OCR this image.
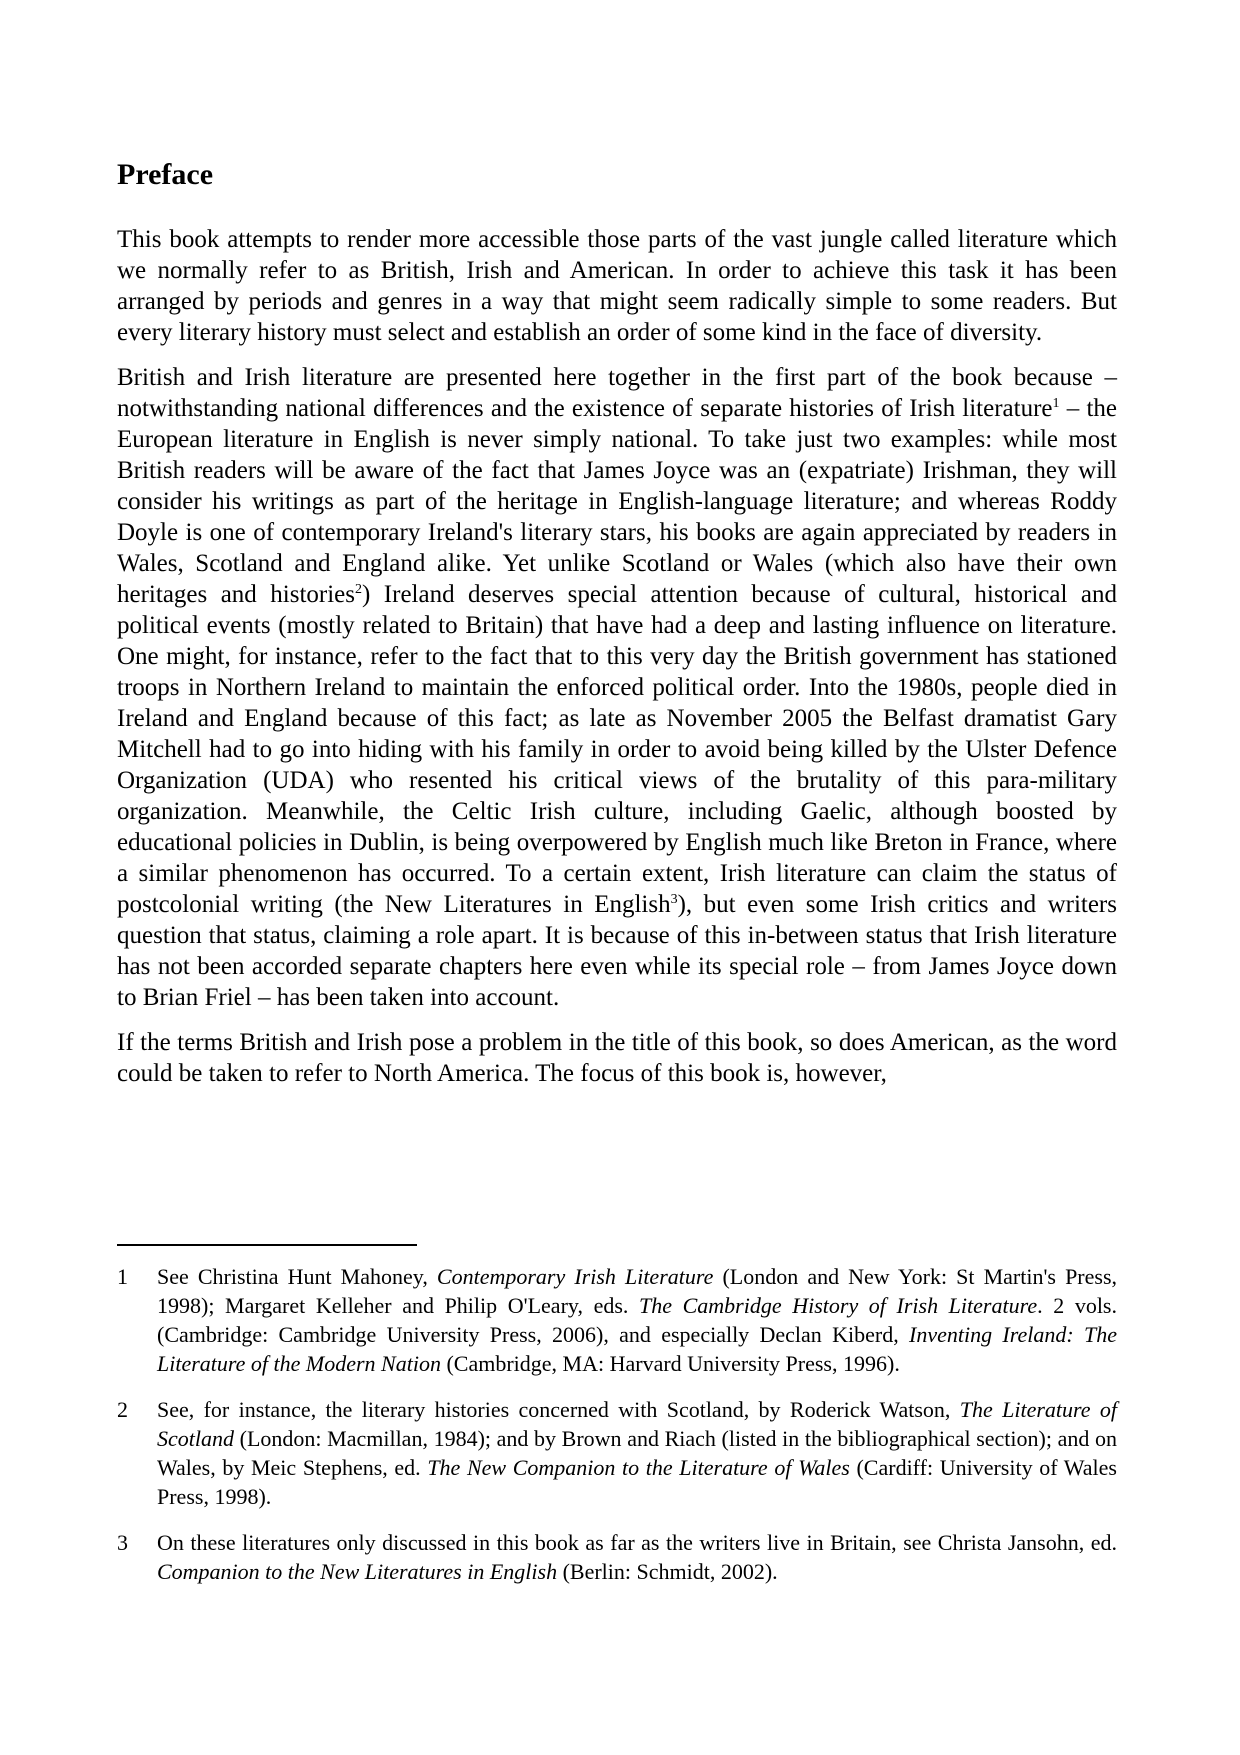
Preface

This book attempts to render more accessible those parts of the vast jungle called literature which we normally refer to as British, Irish and American. In order to achieve this task it has been arranged by periods and genres in a way that might seem radically simple to some readers. But every literary history must select and establish an order of some kind in the face of diversity.

British and Irish literature are presented here together in the first part of the book because – notwithstanding national differences and the existence of separate histories of Irish literature$^1$ – the European literature in English is never simply national. To take just two examples: while most British readers will be aware of the fact that James Joyce was an (expatriate) Irishman, they will consider his writings as part of the heritage in English-language literature; and whereas Roddy Doyle is one of contemporary Ireland's literary stars, his books are again appreciated by readers in Wales, Scotland and England alike. Yet unlike Scotland or Wales (which also have their own heritages and histories$^2$) Ireland deserves special attention because of cultural, historical and political events (mostly related to Britain) that have had a deep and lasting influence on literature. One might, for instance, refer to the fact that to this very day the British government has stationed troops in Northern Ireland to maintain the enforced political order. Into the 1980s, people died in Ireland and England because of this fact; as late as November 2005 the Belfast dramatist Gary Mitchell had to go into hiding with his family in order to avoid being killed by the Ulster Defence Organization (UDA) who resented his critical views of the brutality of this para-military organization. Meanwhile, the Celtic Irish culture, including Gaelic, although boosted by educational policies in Dublin, is being overpowered by English much like Breton in France, where a similar phenomenon has occurred. To a certain extent, Irish literature can claim the status of postcolonial writing (the New Literatures in English$^3$), but even some Irish critics and writers question that status, claiming a role apart. It is because of this in-between status that Irish literature has not been accorded separate chapters here even while its special role – from James Joyce down to Brian Friel – has been taken into account.

If the terms British and Irish pose a problem in the title of this book, so does American, as the word could be taken to refer to North America. The focus of this book is, however,

1	See Christina Hunt Mahoney, Contemporary Irish Literature (London and New York: St Martin's Press, 1998); Margaret Kelleher and Philip O'Leary, eds. The Cambridge History of Irish Literature. 2 vols. (Cambridge: Cambridge University Press, 2006), and especially Declan Kiberd, Inventing Ireland: The Literature of the Modern Nation (Cambridge, MA: Harvard University Press, 1996).
2	See, for instance, the literary histories concerned with Scotland, by Roderick Watson, The Literature of Scotland (London: Macmillan, 1984); and by Brown and Riach (listed in the bibliographical section); and on Wales, by Meic Stephens, ed. The New Companion to the Literature of Wales (Cardiff: University of Wales Press, 1998).
3	On these literatures only discussed in this book as far as the writers live in Britain, see Christa Jansohn, ed. Companion to the New Literatures in English (Berlin: Schmidt, 2002).
